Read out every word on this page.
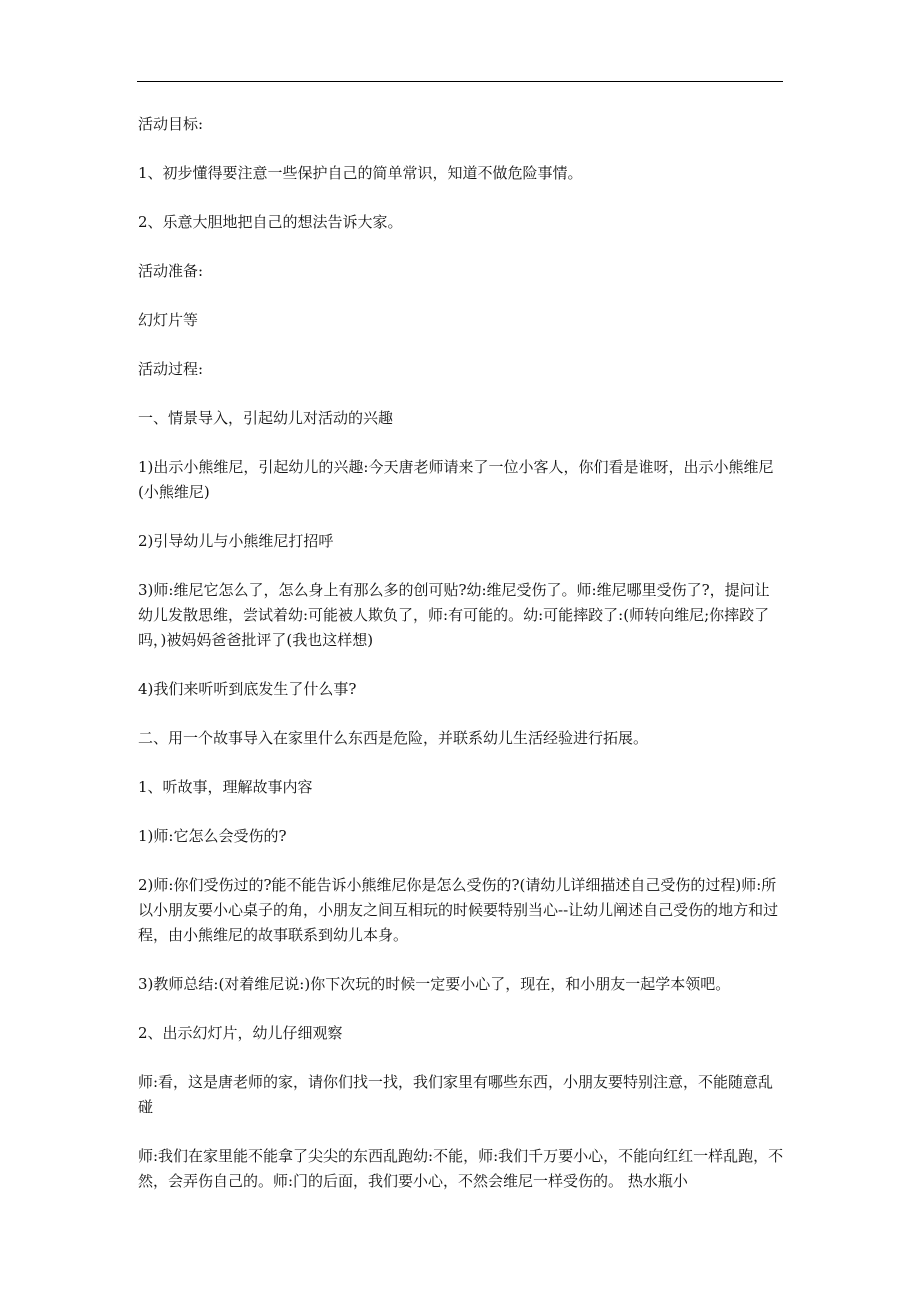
活动目标:

1、初步懂得要注意一些保护自己的简单常识，知道不做危险事情。

2、乐意大胆地把自己的想法告诉大家。

活动准备:

幻灯片等

活动过程:

一、情景导入，引起幼儿对活动的兴趣

1)出示小熊维尼，引起幼儿的兴趣:今天唐老师请来了一位小客人，你们看是谁呀，出示小熊维尼(小熊维尼)

2)引导幼儿与小熊维尼打招呼

3)师:维尼它怎么了，怎么身上有那么多的创可贴?幼:维尼受伤了。师:维尼哪里受伤了?，提问让幼儿发散思维，尝试着幼:可能被人欺负了，师:有可能的。幼:可能摔跤了:(师转向维尼;你摔跤了吗，)被妈妈爸爸批评了(我也这样想)

4)我们来听听到底发生了什么事?

二、用一个故事导入在家里什么东西是危险，并联系幼儿生活经验进行拓展。

1、听故事，理解故事内容

1)师:它怎么会受伤的?

2)师:你们受伤过的?能不能告诉小熊维尼你是怎么受伤的?(请幼儿详细描述自己受伤的过程)师:所以小朋友要小心桌子的角，小朋友之间互相玩的时候要特别当心--让幼儿阐述自己受伤的地方和过程，由小熊维尼的故事联系到幼儿本身。

3)教师总结:(对着维尼说:)你下次玩的时候一定要小心了，现在，和小朋友一起学本领吧。

2、出示幻灯片，幼儿仔细观察

师:看，这是唐老师的家，请你们找一找，我们家里有哪些东西，小朋友要特别注意，不能随意乱碰

师:我们在家里能不能拿了尖尖的东西乱跑幼:不能，师:我们千万要小心，不能向红红一样乱跑，不然，会弄伤自己的。师:门的后面，我们要小心，不然会维尼一样受伤的。 热水瓶小
